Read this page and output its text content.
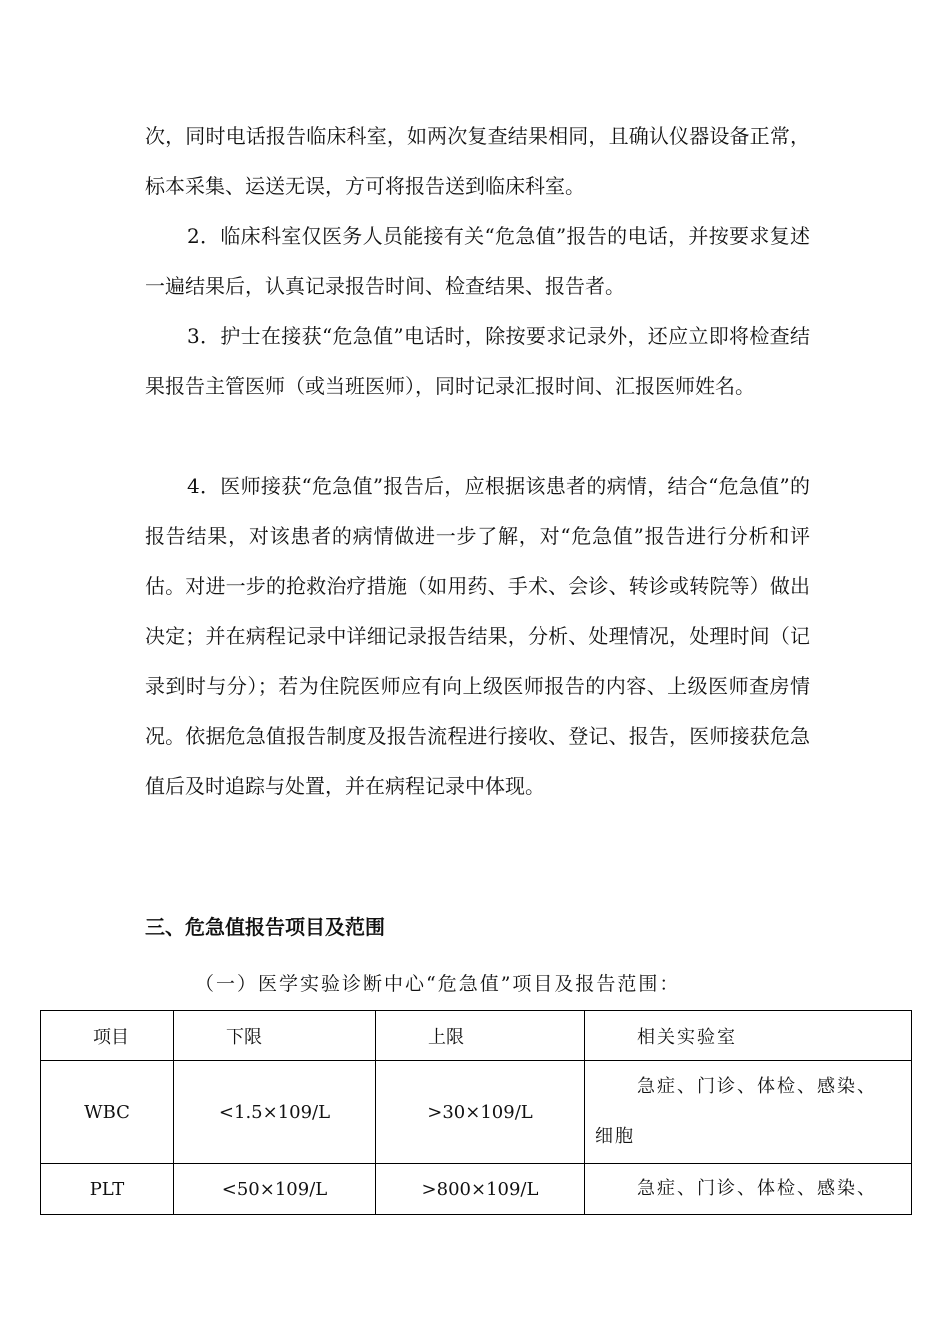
次，同时电话报告临床科室，如两次复查结果相同，且确认仪器设备正常，标本采集、运送无误，方可将报告送到临床科室。

2．临床科室仅医务人员能接有关“危急值”报告的电话，并按要求复述一遍结果后，认真记录报告时间、检查结果、报告者。

3．护士在接获“危急值”电话时，除按要求记录外，还应立即将检查结果报告主管医师（或当班医师），同时记录汇报时间、汇报医师姓名。

4．医师接获“危急值”报告后，应根据该患者的病情，结合“危急值”的报告结果，对该患者的病情做进一步了解，对“危急值”报告进行分析和评估。对进一步的抢救治疗措施（如用药、手术、会诊、转诊或转院等）做出决定；并在病程记录中详细记录报告结果，分析、处理情况，处理时间（记录到时与分）；若为住院医师应有向上级医师报告的内容、上级医师查房情况。依据危急值报告制度及报告流程进行接收、登记、报告，医师接获危急值后及时追踪与处置，并在病程记录中体现。

三、危急值报告项目及范围

（一）医学实验诊断中心“危急值”项目及报告范围：

项目	下限	上限	相关实验室
WBC	<1.5×109/L	>30×109/L	急症、门诊、体检、感染、
细胞
PLT	<50×109/L	>800×109/L	急症、门诊、体检、感染、
